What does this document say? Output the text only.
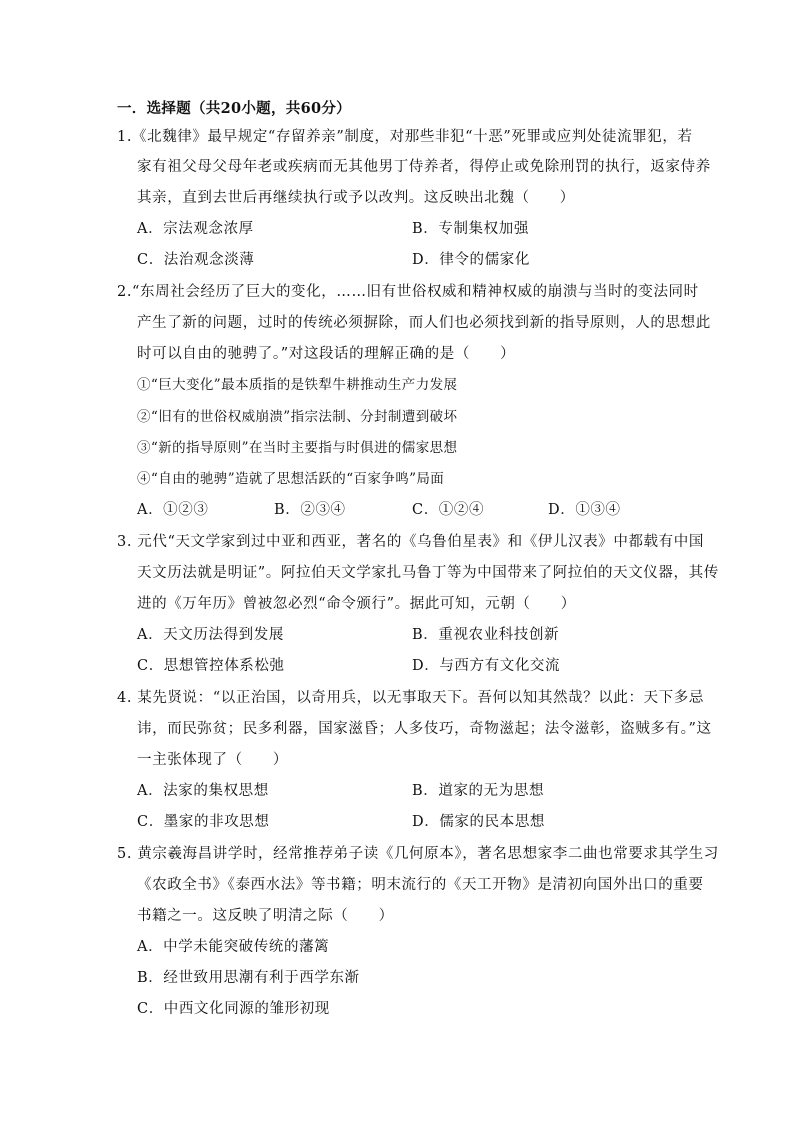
一．选择题（共20小题，共60分）
1.《北魏律》最早规定“存留养亲”制度，对那些非犯“十恶”死罪或应判处徒流罪犯，若
家有祖父母父母年老或疾病而无其他男丁侍养者，得停止或免除刑罚的执行，返家侍养
其亲，直到去世后再继续执行或予以改判。这反映出北魏（　　）
A．宗法观念浓厚	B．专制集权加强
C．法治观念淡薄	D．律令的儒家化
2.“东周社会经历了巨大的变化，……旧有世俗权威和精神权威的崩溃与当时的变法同时
产生了新的问题，过时的传统必须摒除，而人们也必须找到新的指导原则，人的思想此
时可以自由的驰骋了。”对这段话的理解正确的是（　　）
①“巨大变化”最本质指的是铁犁牛耕推动生产力发展
②“旧有的世俗权威崩溃”指宗法制、分封制遭到破坏
③“新的指导原则”在当时主要指与时俱进的儒家思想
④“自由的驰骋”造就了思想活跃的“百家争鸣”局面
A．①②③	B．②③④	C．①②④	D．①③④
3. 元代“天文学家到过中亚和西亚，著名的《乌鲁伯星表》和《伊儿汉表》中都载有中国
天文历法就是明证”。阿拉伯天文学家扎马鲁丁等为中国带来了阿拉伯的天文仪器，其传
进的《万年历》曾被忽必烈“命令颁行”。据此可知，元朝（　　）
A．天文历法得到发展	B．重视农业科技创新
C．思想管控体系松弛	D．与西方有文化交流
4. 某先贤说：“以正治国，以奇用兵，以无事取天下。吾何以知其然哉？以此：天下多忌
讳，而民弥贫；民多利器，国家滋昏；人多伎巧，奇物滋起；法令滋彰，盗贼多有。”这
一主张体现了（　　）
A．法家的集权思想	B．道家的无为思想
C．墨家的非攻思想	D．儒家的民本思想
5. 黄宗羲海昌讲学时，经常推荐弟子读《几何原本》，著名思想家李二曲也常要求其学生习
《农政全书》《泰西水法》等书籍；明末流行的《天工开物》是清初向国外出口的重要
书籍之一。这反映了明清之际（　　）
A．中学未能突破传统的藩篱
B．经世致用思潮有利于西学东渐
C．中西文化同源的雏形初现
